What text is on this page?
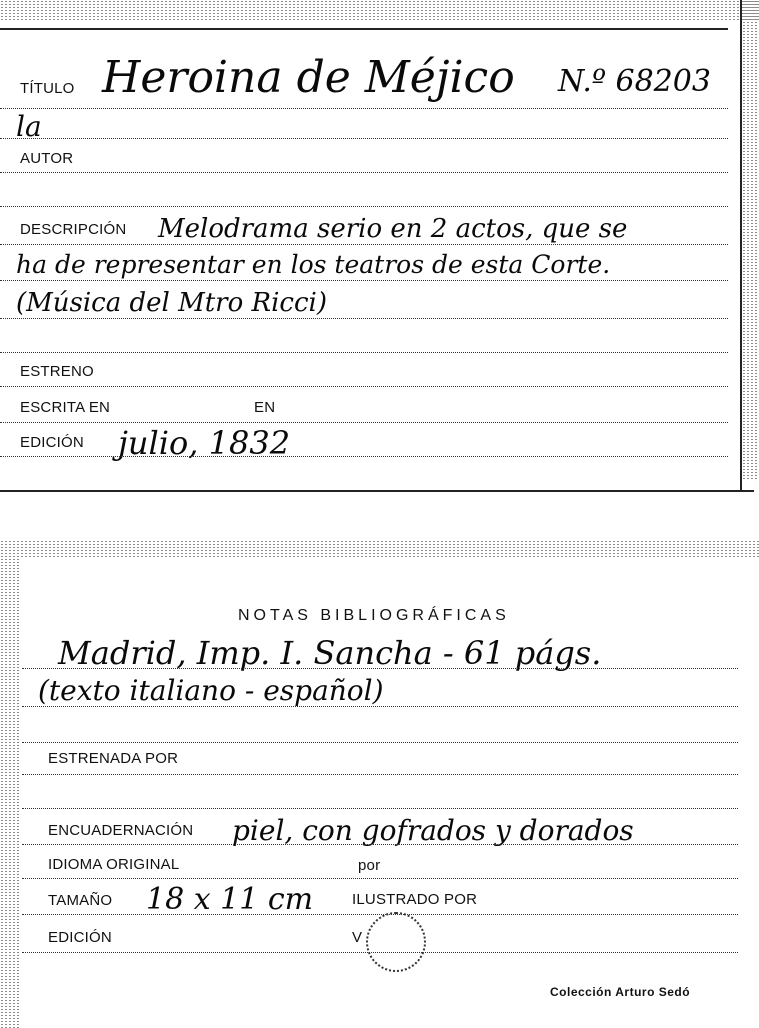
TÍTULO Heroina de Méjico N.º 68203
la
AUTOR
DESCRIPCIÓN Melodrama serio en 2 actos, que se
ha de representar en los teatros de esta Corte.
(Música del Mtro Ricci)
ESTRENO
ESCRITA EN	EN
EDICIÓN julio, 1832
NOTAS BIBLIOGRÁFICAS
Madrid, Imp. I. Sancha - 61 págs.
(texto italiano - español)
ESTRENADA POR
ENCUADERNACIÓN piel, con gofrados y dorados
IDIOMA ORIGINAL	por
TAMAÑO 18 x 11 cm	ILUSTRADO POR
EDICIÓN	V
Colección Arturo Sedó
